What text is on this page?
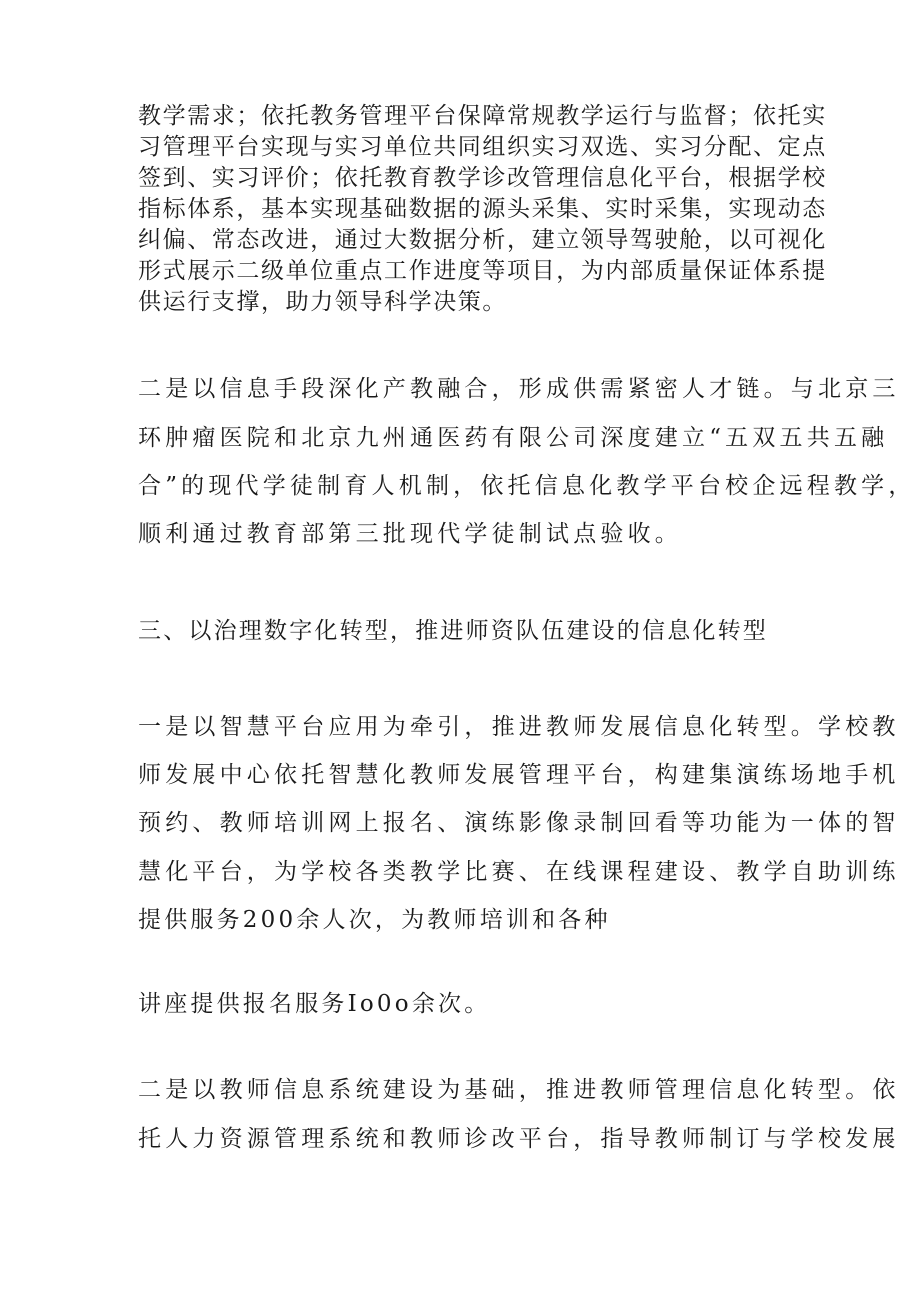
教学需求；依托教务管理平台保障常规教学运行与监督；依托实
习管理平台实现与实习单位共同组织实习双选、实习分配、定点
签到、实习评价；依托教育教学诊改管理信息化平台，根据学校
指标体系，基本实现基础数据的源头采集、实时采集，实现动态
纠偏、常态改进，通过大数据分析，建立领导驾驶舱，以可视化
形式展示二级单位重点工作进度等项目，为内部质量保证体系提
供运行支撑，助力领导科学决策。
二是以信息手段深化产教融合，形成供需紧密人才链。与北京三
环肿瘤医院和北京九州通医药有限公司深度建立“五双五共五融
合”的现代学徒制育人机制，依托信息化教学平台校企远程教学，
顺利通过教育部第三批现代学徒制试点验收。
三、以治理数字化转型，推进师资队伍建设的信息化转型
一是以智慧平台应用为牵引，推进教师发展信息化转型。学校教
师发展中心依托智慧化教师发展管理平台，构建集演练场地手机
预约、教师培训网上报名、演练影像录制回看等功能为一体的智
慧化平台，为学校各类教学比赛、在线课程建设、教学自助训练
提供服务200余人次，为教师培训和各种
讲座提供报名服务Io0o余次。
二是以教师信息系统建设为基础，推进教师管理信息化转型。依
托人力资源管理系统和教师诊改平台，指导教师制订与学校发展
